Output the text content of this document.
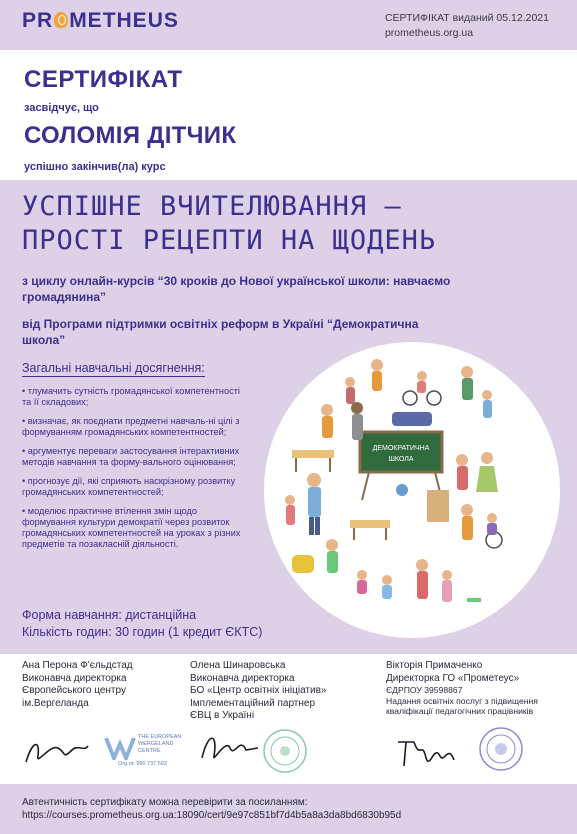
PR METHEUS	СЕРТИФІКАТ виданий 05.12.2021
prometheus.org.ua
СЕРТИФІКАТ
засвідчує, що
СОЛОМІЯ ДІТЧИК
успішно закінчив(ла) курс
УСПІШНЕ ВЧИТЕЛЮВАННЯ –
ПРОСТІ РЕЦЕПТИ НА ЩОДЕНЬ
з циклу онлайн-курсів “30 кроків до Нової української школи: навчаємо громадянина”
від Програми підтримки освітніх реформ в Україні “Демократична школа”
Загальні навчальні досягнення:
• тлумачить сутність громадянської компетентності та її складових;
• визначає, як поєднати предметні навчаль-ні цілі з формуванням громадянських компетентностей;
• аргументує переваги застосування інтерактивних методів навчання та форму-вального оцінювання;
• прогнозує дії, які сприяють наскрізному розвитку громадянських компетентностей;
• моделює практичне втілення змін щодо формування культури демократії через розвиток громадянських компетентностей на уроках з різних предметів та позакласній діяльності.
Форма навчання: дистанційна
Кількість годин: 30 годин (1 кредит ЄКТС)
ДЕМОКРАТИЧНА
ШКОЛА
Ана Перона Ф'єльдстад
Виконавча директорка
Європейського центру
ім.Вергеланда
Олена Шинаровська
Виконавча директорка
БО «Центр освітніх ініціатив»
Імплементаційний партнер
ЄВЦ в Україні
Вікторія Примаченко
Директорка ГО «Прометеус»
ЄДРПОУ 39598867
Надання освітніх послуг з підвищення кваліфікації педагогічних працівників
THE EUROPEAN
WERGELAND
CENTRE
Org.nr. 990 737 593
Автентичність сертифікату можна перевірити за посиланням:
https://courses.prometheus.org.ua:18090/cert/9e97c851bf7d4b5a8a3da8bd6830b95d
